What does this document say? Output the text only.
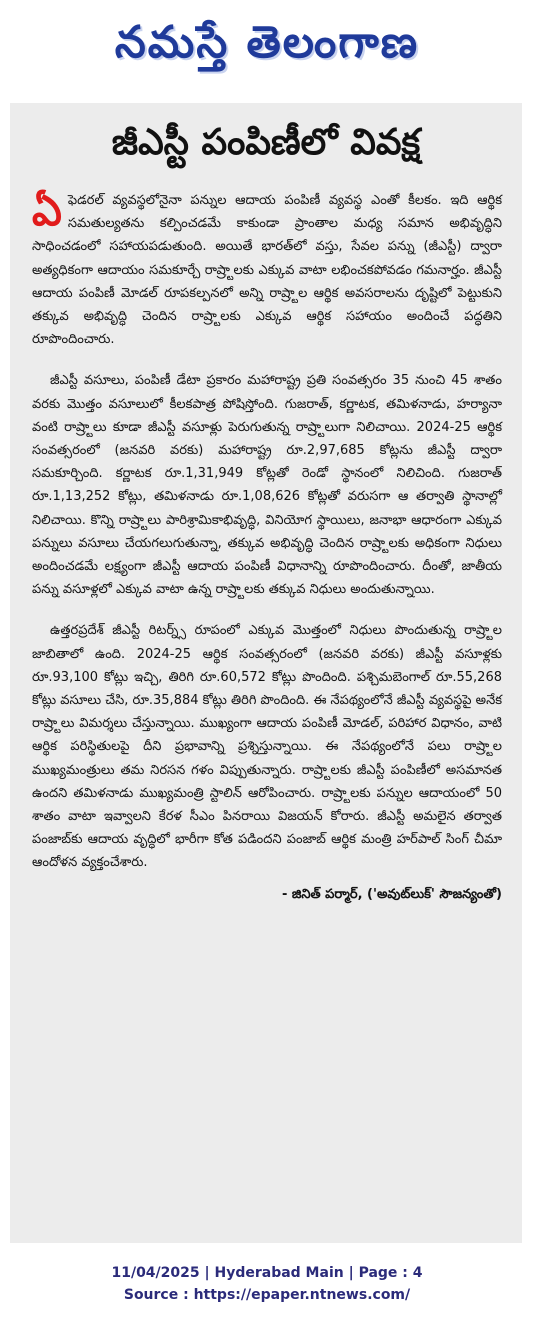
నమస్తే తెలంగాణ
జీఎస్టీ పంపిణీలో వివక్ష

ఏఫెడరల్ వ్యవస్థలోనైనా పన్నుల ఆదాయ పంపిణీ వ్యవస్థ ఎంతో కీలకం. ఇది ఆర్థిక సమతుల్యతను కల్పించడమే కాకుండా ప్రాంతాల మధ్య సమాన అభివృద్ధిని సాధించడంలో సహాయపడుతుంది. అయితే భారత్‌లో వస్తు, సేవల పన్ను (జీఎస్టీ) ద్వారా అత్యధికంగా ఆదాయం సమకూర్చే రాష్ర్టాలకు ఎక్కువ వాటా లభించకపోవడం గమనార్హం. జీఎస్టీ ఆదాయ పంపిణీ మోడల్ రూపకల్పనలో అన్ని రాష్ర్టాల ఆర్థిక అవసరాలను దృష్టిలో పెట్టుకుని తక్కువ అభివృద్ధి చెందిన రాష్ర్టాలకు ఎక్కువ ఆర్థిక సహాయం అందించే పద్ధతిని రూపొందించారు.

జీఎస్టీ వసూలు, పంపిణీ డేటా ప్రకారం మహారాష్ట్ర ప్రతి సంవత్సరం 35 నుంచి 45 శాతం వరకు మొత్తం వసూలులో కీలకపాత్ర పోషిస్తోంది. గుజరాత్, కర్ణాటక, తమిళనాడు, హర్యానా వంటి రాష్ర్టాలు కూడా జీఎస్టీ వసూళ్లు పెరుగుతున్న రాష్ర్టాలుగా నిలిచాయి. 2024-25 ఆర్థిక సంవత్సరంలో (జనవరి వరకు) మహారాష్ట్ర రూ.2,97,685 కోట్లను జీఎస్టీ ద్వారా సమకూర్చింది. కర్ణాటక రూ.1,31,949 కోట్లతో రెండో స్థానంలో నిలిచింది. గుజరాత్ రూ.1,13,252 కోట్లు, తమిళనాడు రూ.1,08,626 కోట్లతో వరుసగా ఆ తర్వాతి స్థానాల్లో నిలిచాయి. కొన్ని రాష్ర్టాలు పారిశ్రామికాభివృద్ధి, వినియోగ స్థాయిలు, జనాభా ఆధారంగా ఎక్కువ పన్నులు వసూలు చేయగలుగుతున్నా, తక్కువ అభివృద్ధి చెందిన రాష్ర్టాలకు అధికంగా నిధులు అందించడమే లక్ష్యంగా జీఎస్టీ ఆదాయ పంపిణీ విధానాన్ని రూపొందించారు. దీంతో, జాతీయ పన్ను వసూళ్లలో ఎక్కువ వాటా ఉన్న రాష్ర్టాలకు తక్కువ నిధులు అందుతున్నాయి.

ఉత్తరప్రదేశ్ జీఎస్టీ రిటర్న్స్ రూపంలో ఎక్కువ మొత్తంలో నిధులు పొందుతున్న రాష్ర్టాల జాబితాలో ఉంది. 2024-25 ఆర్థిక సంవత్సరంలో (జనవరి వరకు) జీఎస్టీ వసూళ్లకు రూ.93,100 కోట్లు ఇచ్చి, తిరిగి రూ.60,572 కోట్లు పొందింది. పశ్చిమబెంగాల్ రూ.55,268 కోట్లు వసూలు చేసి, రూ.35,884 కోట్లు తిరిగి పొందింది. ఈ నేపథ్యంలోనే జీఎస్టీ వ్యవస్థపై అనేక రాష్ర్టాలు విమర్శలు చేస్తున్నాయి. ముఖ్యంగా ఆదాయ పంపిణీ మోడల్, పరిహార విధానం, వాటి ఆర్థిక పరిస్థితులపై దీని ప్రభావాన్ని ప్రశ్నిస్తున్నాయి. ఈ నేపథ్యంలోనే పలు రాష్ర్టాల ముఖ్యమంత్రులు తమ నిరసన గళం విప్పుతున్నారు. రాష్ర్టాలకు జీఎస్టీ పంపిణీలో అసమానత ఉందని తమిళనాడు ముఖ్యమంత్రి స్టాలిన్ ఆరోపించారు. రాష్ర్టాలకు పన్నుల ఆదాయంలో 50 శాతం వాటా ఇవ్వాలని కేరళ సీఎం పినరాయి విజయన్ కోరారు. జీఎస్టీ అమలైన తర్వాత పంజాబ్‌కు ఆదాయ వృద్ధిలో భారీగా కోత పడిందని పంజాబ్ ఆర్థిక మంత్రి హర్‌పాల్ సింగ్ చీమా ఆందోళన వ్యక్తంచేశారు.

- జినిత్ పర్మార్, ('అవుట్‌లుక్' సౌజన్యంతో)
11/04/2025 | Hyderabad Main | Page : 4
Source : https://epaper.ntnews.com/
